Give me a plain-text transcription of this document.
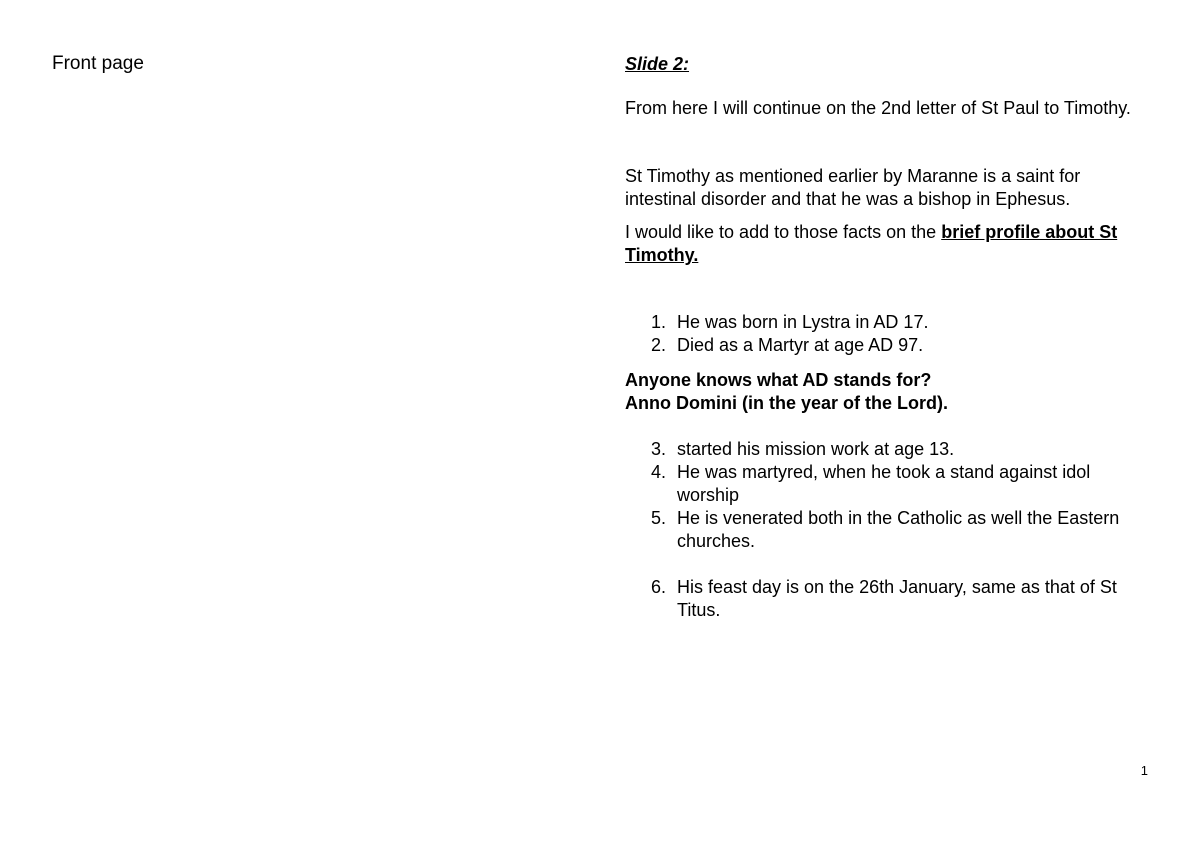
Front page	Slide 2:

From here I will continue on the 2nd letter of St Paul to Timothy.

St Timothy as mentioned earlier by Maranne is a saint for intestinal disorder and that he was a bishop in Ephesus.

I would like to add to those facts on the brief profile about St Timothy.

1. He was born in Lystra in AD 17.
2. Died as a Martyr at age AD 97.
Anyone knows what AD stands for?
Anno Domini (in the year of the Lord).
3. started his mission work at age 13.
4. He was martyred, when he took a stand against idol worship
5. He is venerated both in the Catholic as well the Eastern churches.
6. His feast day is on the 26th January, same as that of St Titus.
1
